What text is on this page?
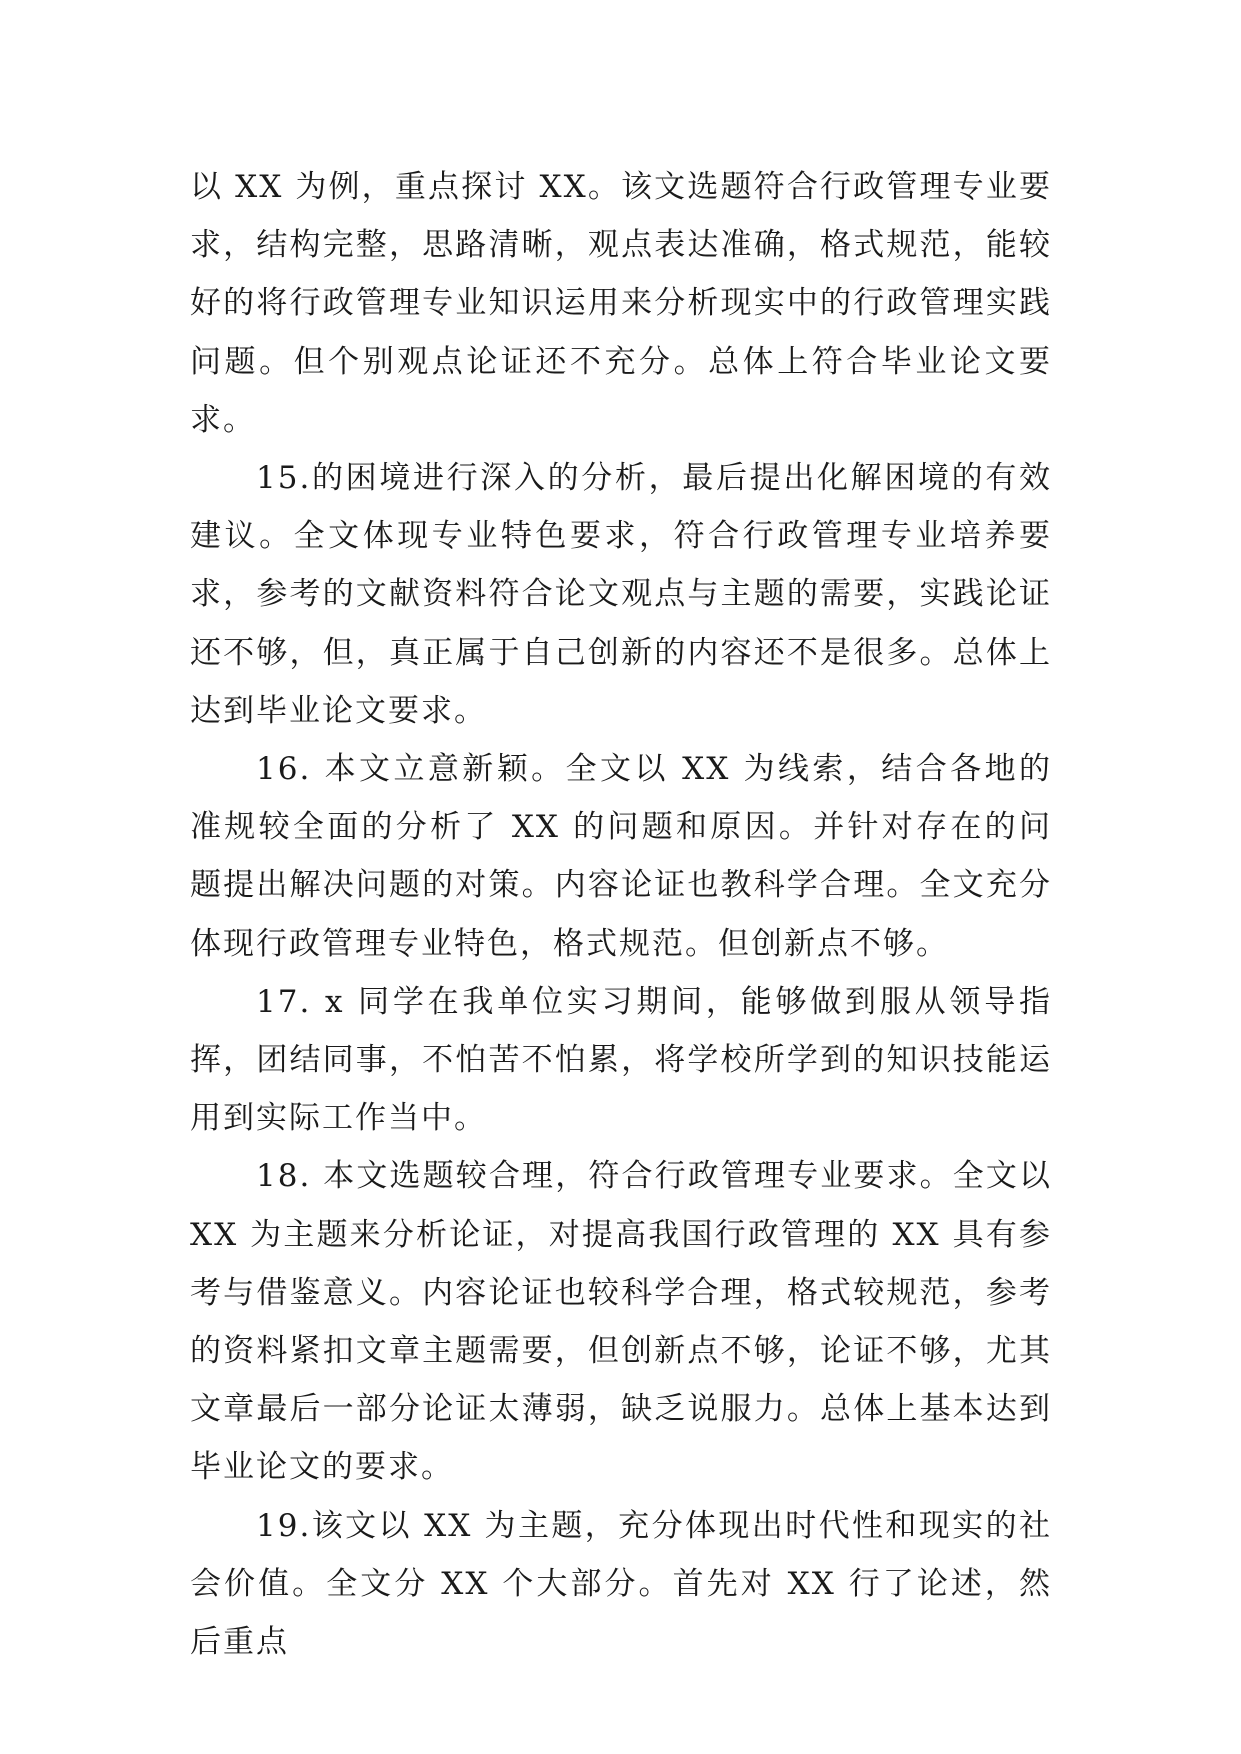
以 XX 为例，重点探讨 XX。该文选题符合行政管理专业要求，结构完整，思路清晰，观点表达准确，格式规范，能较好的将行政管理专业知识运用来分析现实中的行政管理实践问题。但个别观点论证还不充分。总体上符合毕业论文要求。

15.的困境进行深入的分析，最后提出化解困境的有效建议。全文体现专业特色要求，符合行政管理专业培养要求，参考的文献资料符合论文观点与主题的需要，实践论证还不够，但，真正属于自己创新的内容还不是很多。总体上达到毕业论文要求。

16. 本文立意新颖。全文以 XX 为线索，结合各地的准规较全面的分析了 XX 的问题和原因。并针对存在的问题提出解决问题的对策。内容论证也教科学合理。全文充分体现行政管理专业特色，格式规范。但创新点不够。

17. x 同学在我单位实习期间，能够做到服从领导指挥，团结同事，不怕苦不怕累，将学校所学到的知识技能运用到实际工作当中。

18. 本文选题较合理，符合行政管理专业要求。全文以 XX 为主题来分析论证，对提高我国行政管理的 XX 具有参考与借鉴意义。内容论证也较科学合理，格式较规范，参考的资料紧扣文章主题需要，但创新点不够，论证不够，尤其文章最后一部分论证太薄弱，缺乏说服力。总体上基本达到毕业论文的要求。

19.该文以 XX 为主题，充分体现出时代性和现实的社会价值。全文分 XX 个大部分。首先对 XX 行了论述，然后重点
